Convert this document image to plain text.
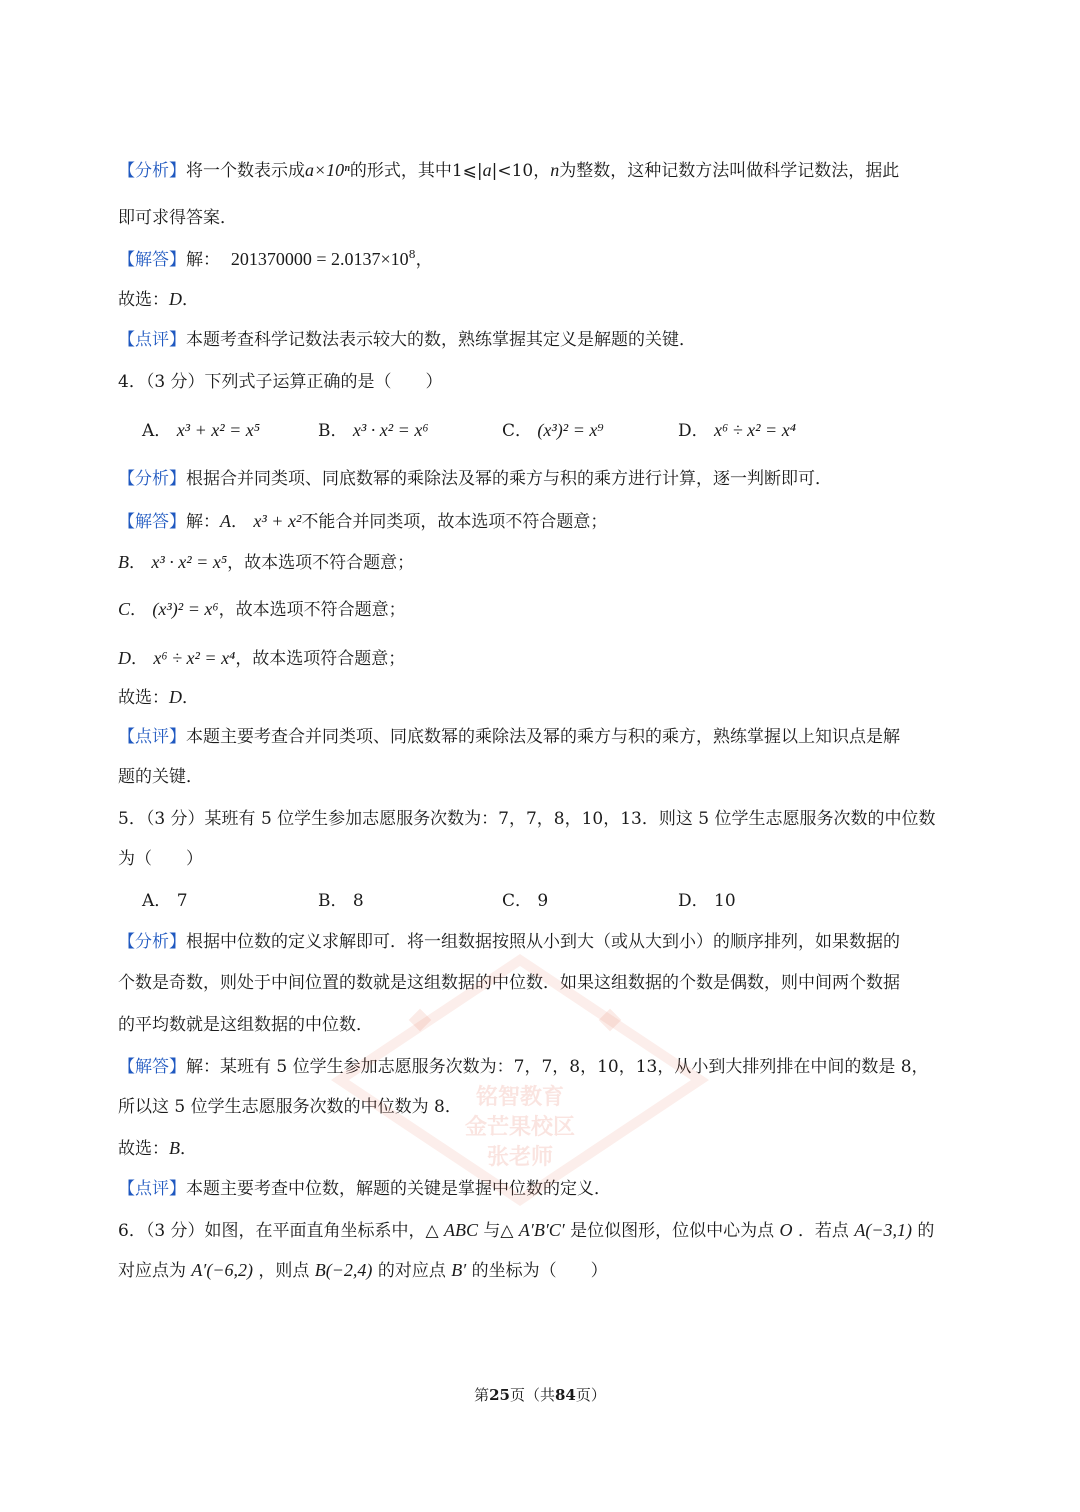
【分析】将一个数表示成a×10ⁿ的形式，其中1⩽|a|<10，n为整数，这种记数方法叫做科学记数法，据此
即可求得答案．
【解答】解： $201370000 = 2.0137\times 10^8$，
故选：D．
【点评】本题考查科学记数法表示较大的数，熟练掌握其定义是解题的关键．
4．（3 分）下列式子运算正确的是（　　）
A． x³ + x² = x⁵	B． x³ · x² = x⁶	C． (x³)² = x⁹	D． x⁶ ÷ x² = x⁴
【分析】根据合并同类项、同底数幂的乘除法及幂的乘方与积的乘方进行计算，逐一判断即可．
【解答】解：A． x³ + x²不能合并同类项，故本选项不符合题意；
B． x³ · x² = x⁵，故本选项不符合题意；
C． (x³)² = x⁶，故本选项不符合题意；
D． x⁶ ÷ x² = x⁴，故本选项符合题意；
故选：D．
【点评】本题主要考查合并同类项、同底数幂的乘除法及幂的乘方与积的乘方，熟练掌握以上知识点是解
题的关键．
5．（3 分）某班有 5 位学生参加志愿服务次数为：7，7，8，10，13．则这 5 位学生志愿服务次数的中位数
为（　　）
A． 7	B． 8	C． 9	D． 10
【分析】根据中位数的定义求解即可．将一组数据按照从小到大（或从大到小）的顺序排列，如果数据的
个数是奇数，则处于中间位置的数就是这组数据的中位数．如果这组数据的个数是偶数，则中间两个数据
的平均数就是这组数据的中位数．
【解答】解：某班有 5 位学生参加志愿服务次数为：7，7，8，10，13，从小到大排列排在中间的数是 8，
所以这 5 位学生志愿服务次数的中位数为 8．
故选：B．
【点评】本题主要考查中位数，解题的关键是掌握中位数的定义．
6．（3 分）如图，在平面直角坐标系中，△ ABC 与△ A′B′C′ 是位似图形，位似中心为点 O ．若点 A(−3,1) 的
对应点为 A′(−6,2) ，则点 B(−2,4) 的对应点 B′ 的坐标为（　　）
铭智教育
金芒果校区
张老师
第25页（共84页）
